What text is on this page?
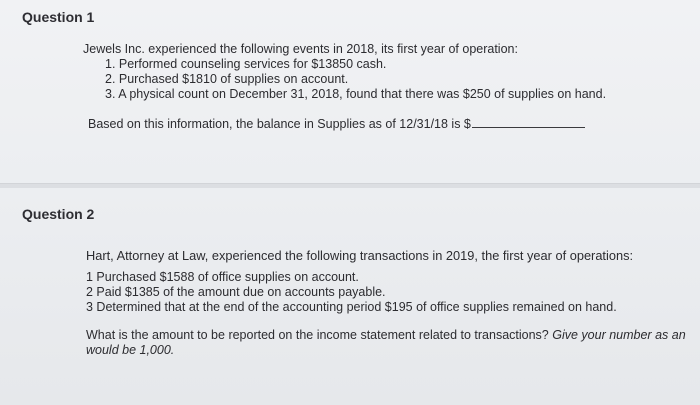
Question 1
Jewels Inc. experienced the following events in 2018, its first year of operation:
1. Performed counseling services for $13850 cash.
2. Purchased $1810 of supplies on account.
3. A physical count on December 31, 2018, found that there was $250 of supplies on hand.
Based on this information, the balance in Supplies as of 12/31/18 is $
Question 2
Hart, Attorney at Law, experienced the following transactions in 2019, the first year of operations:
1 Purchased $1588 of office supplies on account.
2 Paid $1385 of the amount due on accounts payable.
3 Determined that at the end of the accounting period $195 of office supplies remained on hand.
What is the amount to be reported on the income statement related to transactions? Give your number as an
would be 1,000.
